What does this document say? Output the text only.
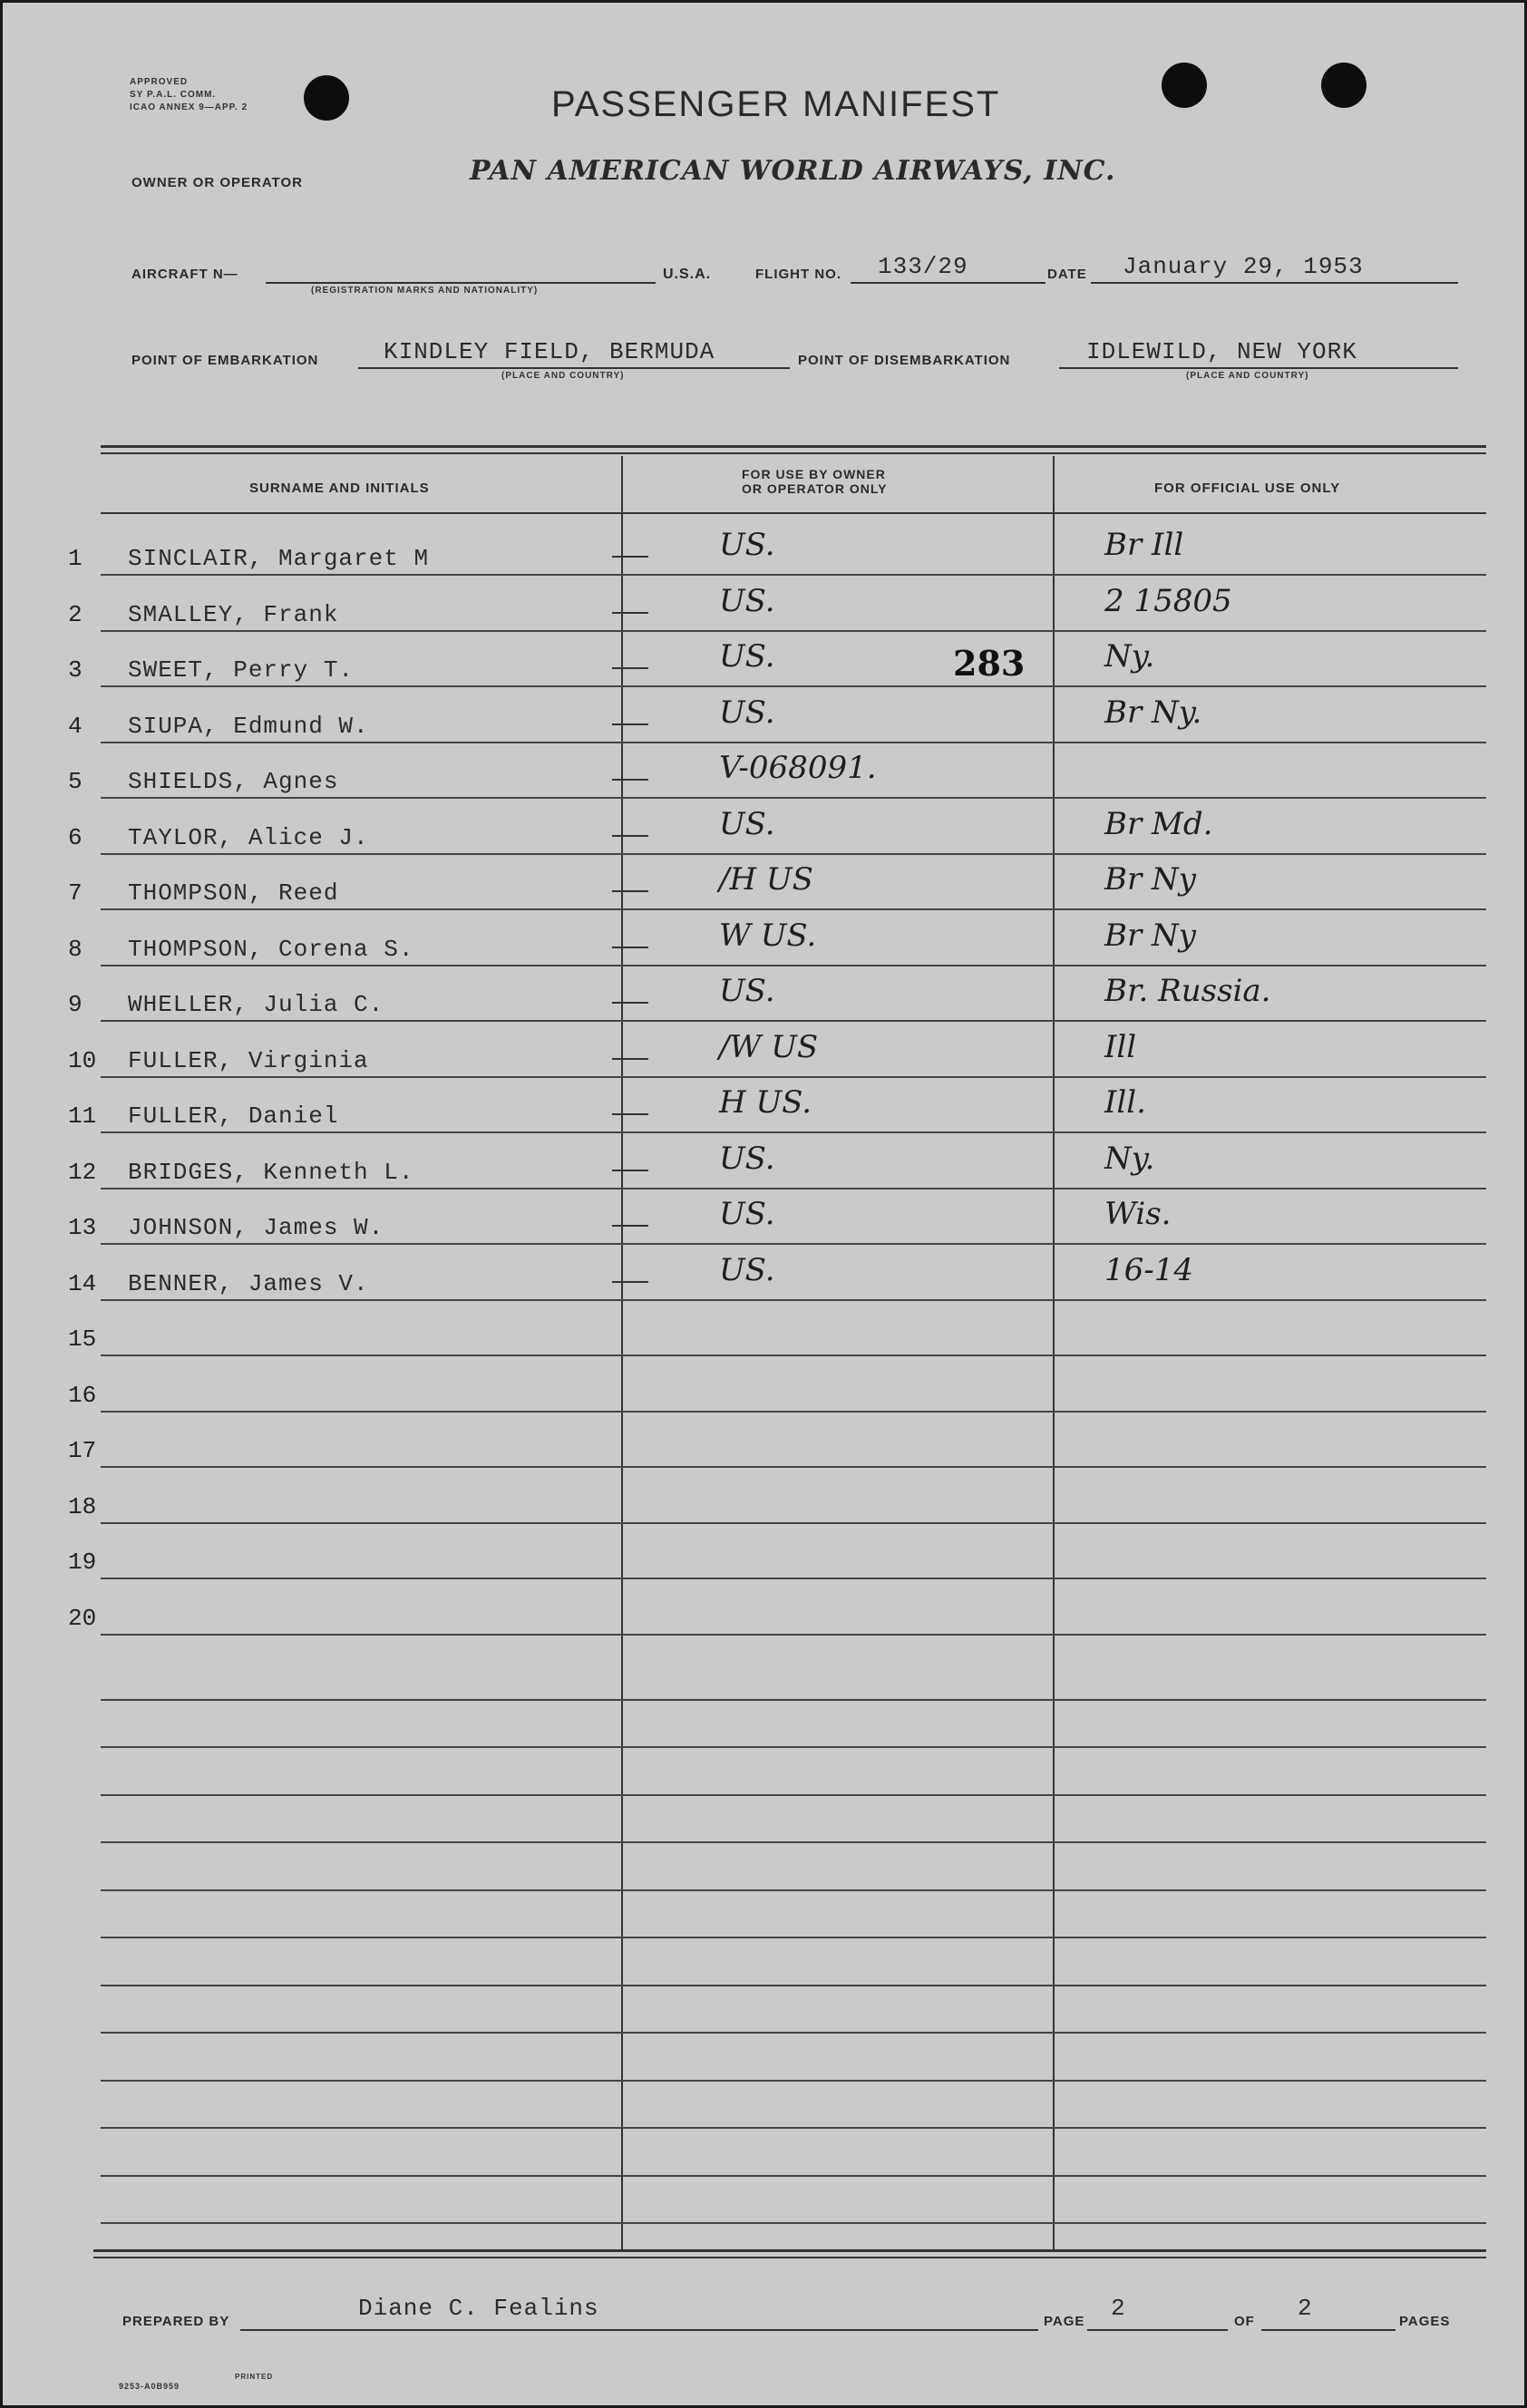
APPROVED
SY P.A.L. COMM.
ICAO ANNEX 9—APP. 2	PASSENGER MANIFEST
PAN AMERICAN WORLD AIRWAYS, INC.
OWNER OR OPERATOR
AIRCRAFT N—
(REGISTRATION MARKS AND NATIONALITY)
U.S.A.	FLIGHT NO. 133/29	DATE January 29, 1953
POINT OF EMBARKATION	KINDLEY FIELD, BERMUDA
(PLACE AND COUNTRY)
POINT OF DISEMBARKATION	IDLEWILD, NEW YORK
(PLACE AND COUNTRY)
SURNAME AND INITIALS
FOR USE BY OWNER
OR OPERATOR ONLY	FOR OFFICIAL USE ONLY
1 SINCLAIR, Margaret M	US.	Br Ill
2 SMALLEY, Frank	US.	2 15805
3 SWEET, Perry T.	US.	Ny.
4 SIUPA, Edmund W.	US.	Br Ny.
5 SHIELDS, Agnes	V-068091.
6 TAYLOR, Alice J.	US.	Br Md.
7 THOMPSON, Reed	/H US	Br Ny
8 THOMPSON, Corena S.	W US.	Br Ny
9 WHELLER, Julia C.	US.	Br. Russia.
10 FULLER, Virginia	/W US	Ill
11 FULLER, Daniel	H US.	Ill.
12 BRIDGES, Kenneth L.	US.	Ny.
13 JOHNSON, James W.	US.	Wis.
14 BENNER, James V.	US.	16-14
15
16
17
18
19
20
283
PREPARED BY	Diane C. Fealins	PAGE 2	OF 2	PAGES
9253-A0B959
PRINTED
